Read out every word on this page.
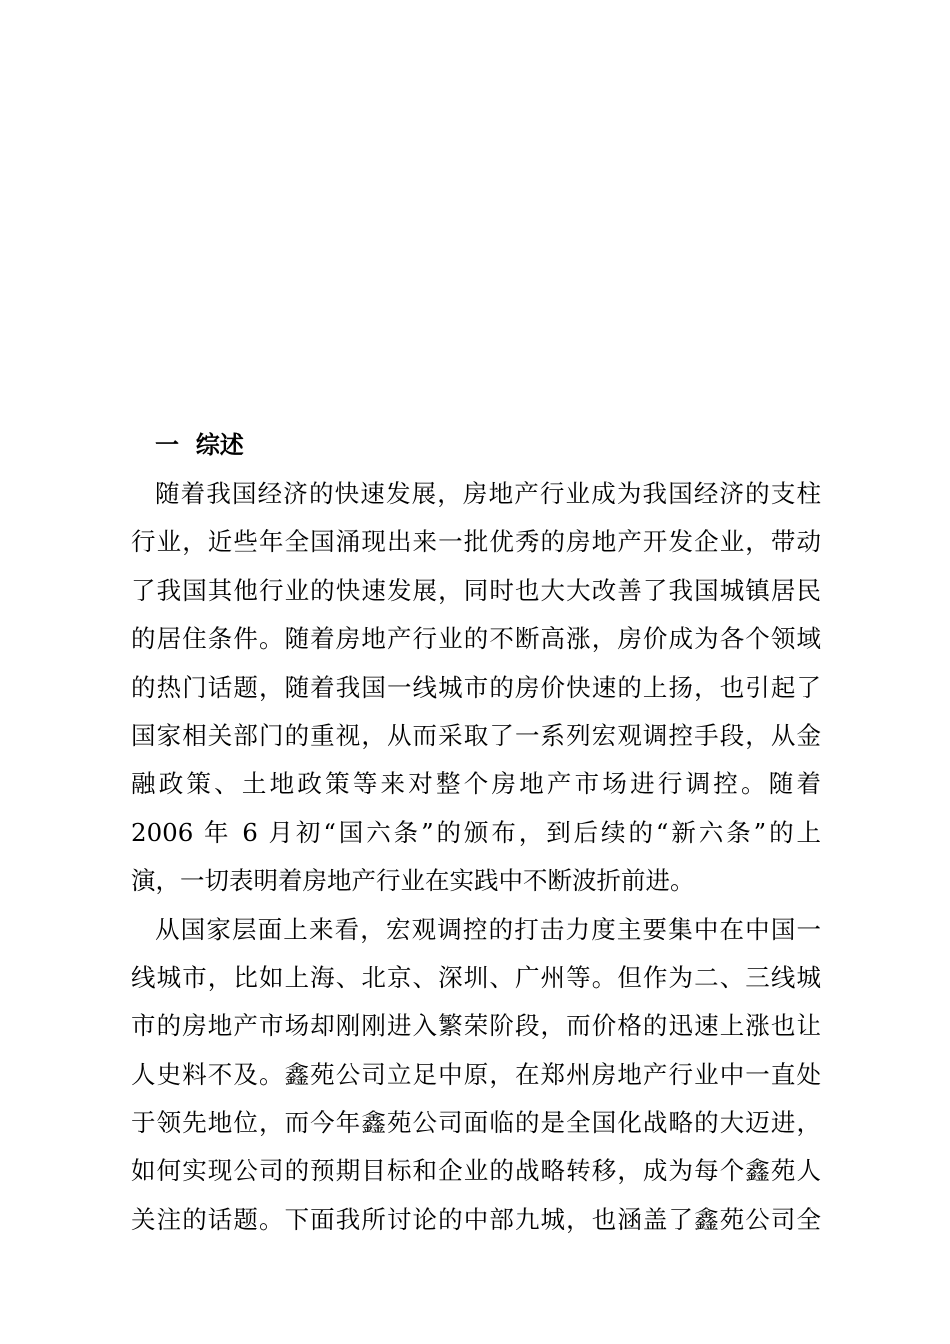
一  综述

随着我国经济的快速发展，房地产行业成为我国经济的支柱
行业，近些年全国涌现出来一批优秀的房地产开发企业，带动
了我国其他行业的快速发展，同时也大大改善了我国城镇居民
的居住条件。随着房地产行业的不断高涨，房价成为各个领域
的热门话题，随着我国一线城市的房价快速的上扬，也引起了
国家相关部门的重视，从而采取了一系列宏观调控手段，从金
融政策、土地政策等来对整个房地产市场进行调控。随着
2006 年 6 月初“国六条”的颁布，到后续的“新六条”的上
演，一切表明着房地产行业在实践中不断波折前进。

从国家层面上来看，宏观调控的打击力度主要集中在中国一
线城市，比如上海、北京、深圳、广州等。但作为二、三线城
市的房地产市场却刚刚进入繁荣阶段，而价格的迅速上涨也让
人史料不及。鑫苑公司立足中原，在郑州房地产行业中一直处
于领先地位，而今年鑫苑公司面临的是全国化战略的大迈进，
如何实现公司的预期目标和企业的战略转移，成为每个鑫苑人
关注的话题。下面我所讨论的中部九城，也涵盖了鑫苑公司全
